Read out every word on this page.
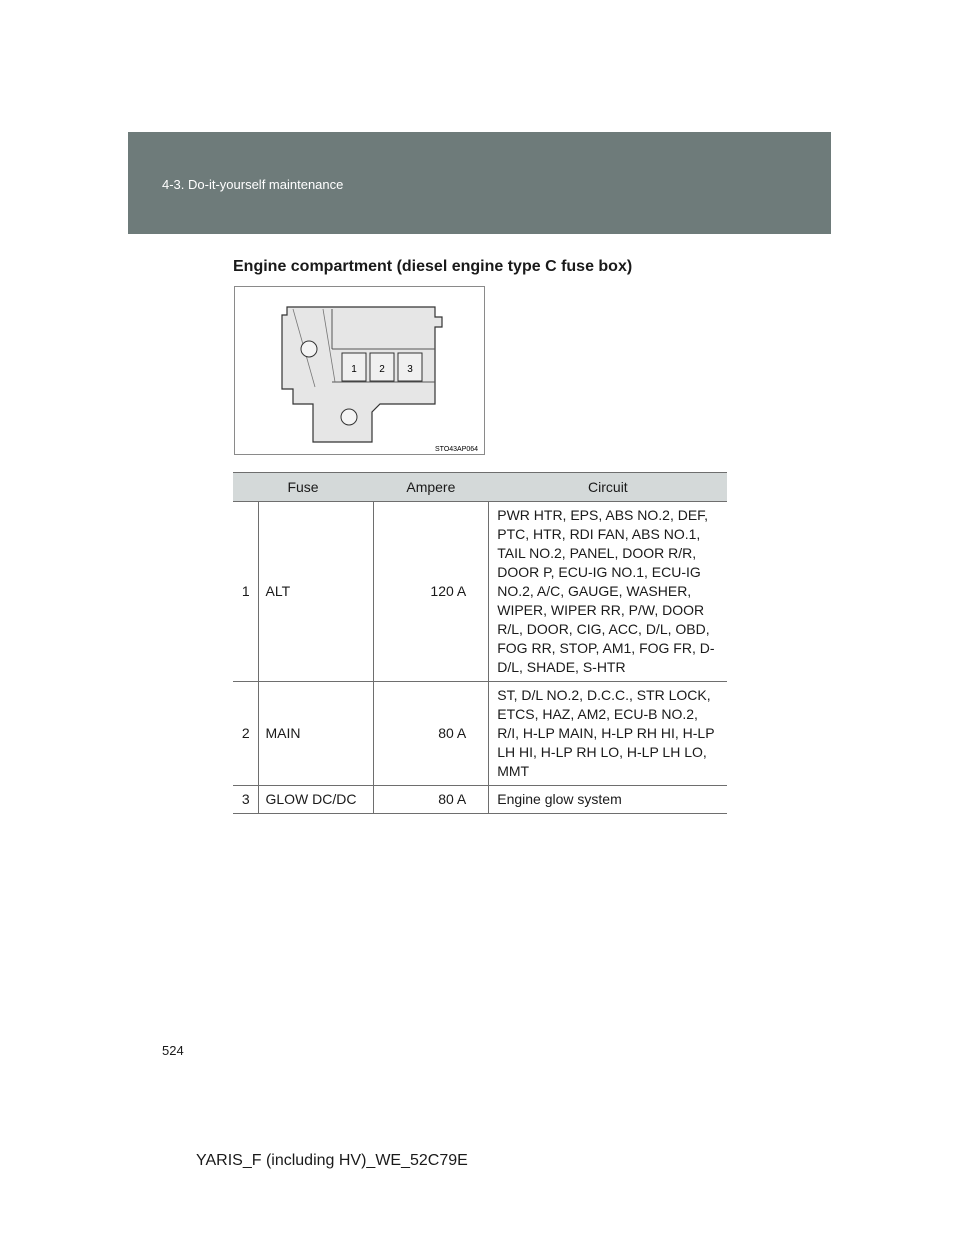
4-3. Do-it-yourself maintenance
Engine compartment (diesel engine type C fuse box)
1 2 3
STO43AP064
Fuse		Ampere	Circuit
1	ALT	120 A	PWR HTR, EPS, ABS NO.2, DEF, PTC, HTR, RDI FAN, ABS NO.1, TAIL NO.2, PANEL, DOOR R/R, DOOR P, ECU-IG NO.1, ECU-IG NO.2, A/C, GAUGE, WASHER, WIPER, WIPER RR, P/W, DOOR R/L, DOOR, CIG, ACC, D/L, OBD, FOG RR, STOP, AM1, FOG FR, D-D/L, SHADE, S-HTR
2	MAIN	80 A	ST, D/L NO.2, D.C.C., STR LOCK, ETCS, HAZ, AM2, ECU-B NO.2, R/I, H-LP MAIN, H-LP RH HI, H-LP LH HI, H-LP RH LO, H-LP LH LO, MMT
3	GLOW DC/DC	80 A	Engine glow system
524
YARIS_F (including HV)_WE_52C79E
